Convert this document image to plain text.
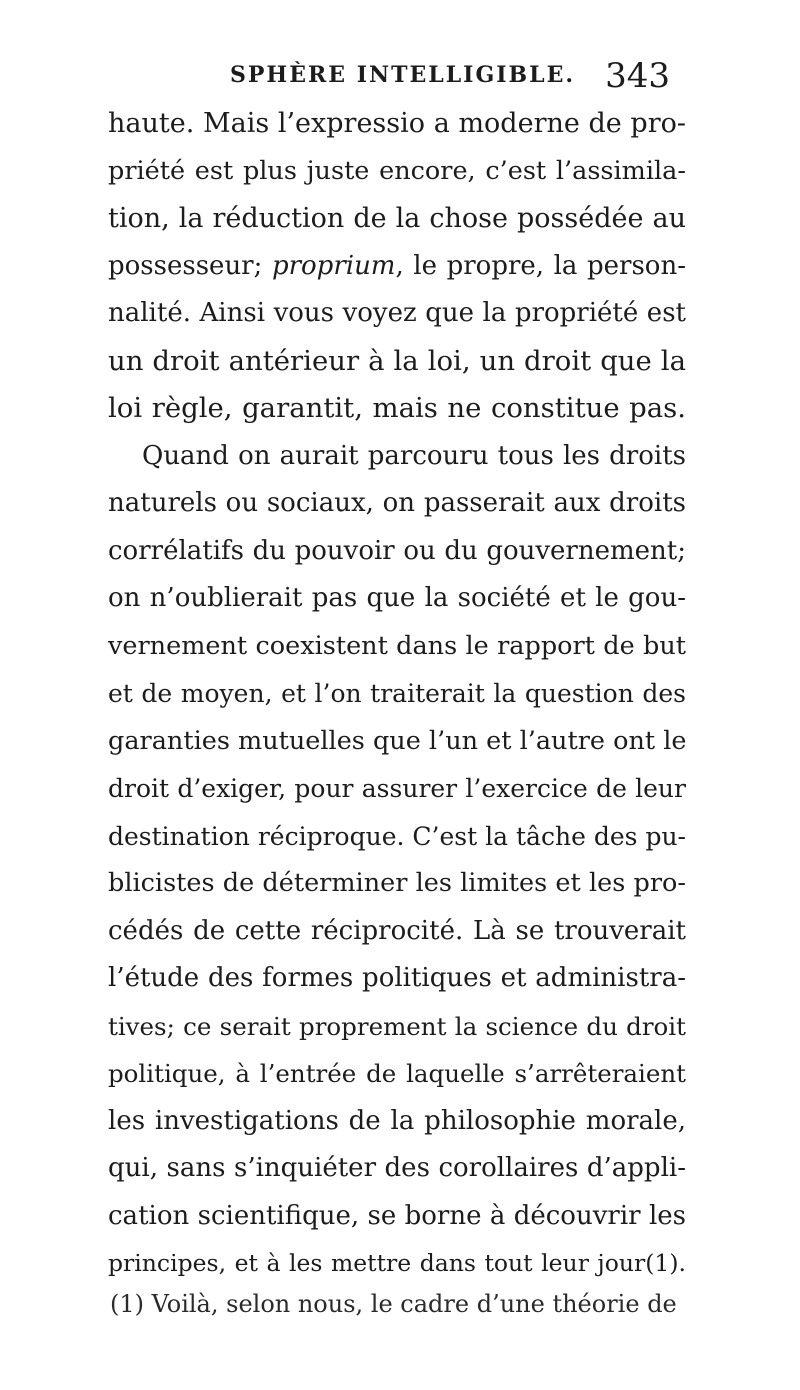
SPHÈRE INTELLIGIBLE. 343
haute. Mais l’expressio a moderne de pro-
priété est plus juste encore, c’est l’assimila-
tion, la réduction de la chose possédée au
possesseur; proprium, le propre, la person-
nalité. Ainsi vous voyez que la propriété est
un droit antérieur à la loi, un droit que la
loi règle, garantit, mais ne constitue pas.
Quand on aurait parcouru tous les droits
naturels ou sociaux, on passerait aux droits
corrélatifs du pouvoir ou du gouvernement;
on n’oublierait pas que la société et le gou-
vernement coexistent dans le rapport de but
et de moyen, et l’on traiterait la question des
garanties mutuelles que l’un et l’autre ont le
droit d’exiger, pour assurer l’exercice de leur
destination réciproque. C’est la tâche des pu-
blicistes de déterminer les limites et les pro-
cédés de cette réciprocité. Là se trouverait
l’étude des formes politiques et administra-
tives; ce serait proprement la science du droit
politique, à l’entrée de laquelle s’arrêteraient
les investigations de la philosophie morale,
qui, sans s’inquiéter des corollaires d’appli-
cation scientifique, se borne à découvrir les
principes, et à les mettre dans tout leur jour(1).
(1) Voilà, selon nous, le cadre d’une théorie de
